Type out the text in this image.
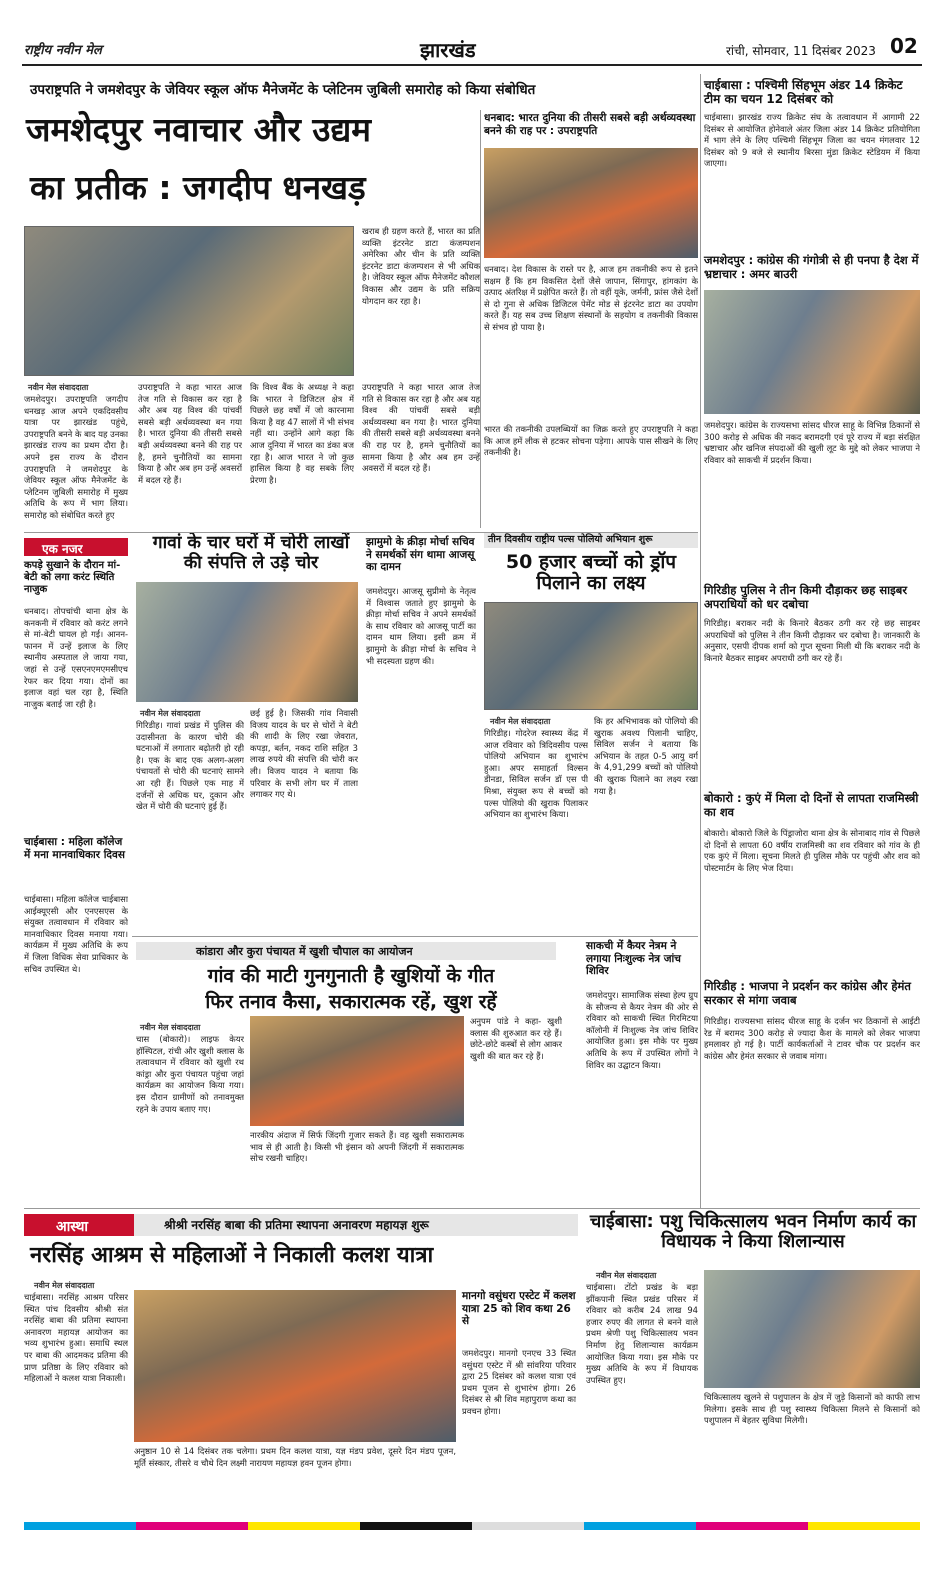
राष्ट्रीय नवीन मेल	झारखंड	रांची, सोमवार, 11 दिसंबर 2023 02
उपराष्ट्रपति ने जमशेदपुर के जेवियर स्कूल ऑफ मैनेजमेंट के प्लेटिनम जुबिली समारोह को किया संबोधित
जमशेदपुर नवाचार और उद्यम
का प्रतीक : जगदीप धनखड़
खराब ही ग्रहण करते हैं, भारत का प्रति व्यक्ति इंटरनेट डाटा कंजम्पशन अमेरिका और चीन के प्रति व्यक्ति इंटरनेट डाटा कंजम्पशन से भी अधिक है। जेवियर स्कूल ऑफ मैनेजमेंट कौशल विकास और उद्यम के प्रति सक्रिय योगदान कर रहा है।
नवीन मेल संवाददाता
जमशेदपुर। उपराष्ट्रपति जगदीप धनखड़ आज अपने एकदिवसीय यात्रा पर झारखंड पहुंचे, उपराष्ट्रपति बनने के बाद यह उनका झारखंड राज्य का प्रथम दौरा है। अपने इस राज्य के दौरान उपराष्ट्रपति ने जमशेदपुर के जेवियर स्कूल ऑफ मैनेजमेंट के प्लेटिनम जुबिली समारोह में मुख्य अतिथि के रूप में भाग लिया। समारोह को संबोधित करते हुए
उपराष्ट्रपति ने कहा भारत आज तेज गति से विकास कर रहा है और अब यह विश्व की पांचवीं सबसे बड़ी अर्थव्यवस्था बन गया है। भारत दुनिया की तीसरी सबसे बड़ी अर्थव्यवस्था बनने की राह पर है, हमने चुनौतियों का सामना किया है और अब हम उन्हें अवसरों में बदल रहे हैं।
कि विश्व बैंक के अध्यक्ष ने कहा कि भारत ने डिजिटल क्षेत्र में पिछले छह वर्षों में जो कारनामा किया है वह 47 सालों में भी संभव नहीं था। उन्होंने आगे कहा कि आज दुनिया में भारत का डंका बज रहा है। आज भारत ने जो कुछ हासिल किया है वह सबके लिए प्रेरणा है।
उपराष्ट्रपति ने कहा भारत आज तेज गति से विकास कर रहा है और अब यह विश्व की पांचवीं सबसे बड़ी अर्थव्यवस्था बन गया है। भारत दुनिया की तीसरी सबसे बड़ी अर्थव्यवस्था बनने की राह पर है, हमने चुनौतियों का सामना किया है और अब हम उन्हें अवसरों में बदल रहे हैं।
धनबाद: भारत दुनिया की तीसरी सबसे बड़ी अर्थव्यवस्था बनने की राह पर : उपराष्ट्रपति
धनबाद। देश विकास के रास्ते पर है, आज हम तकनीकी रूप से इतने सक्षम हैं कि हम विकसित देशों जैसे जापान, सिंगापुर, हांगकांग के उत्पाद अंतरिक्ष में प्रक्षेपित करते हैं। तो वहीं यूके, जर्मनी, फ्रांस जैसे देशों से दो गुना से अधिक डिजिटल पेमेंट मोड से इंटरनेट डाटा का उपयोग करते हैं। यह सब उच्च शिक्षण संस्थानों के सहयोग व तकनीकी विकास से संभव हो पाया है।
भारत की तकनीकी उपलब्धियों का जिक्र करते हुए उपराष्ट्रपति ने कहा कि आज हमें लीक से हटकर सोचना पड़ेगा। आपके पास सीखने के लिए तकनीकी है।
चाईबासा : पश्चिमी सिंहभूम अंडर 14 क्रिकेट टीम का चयन 12 दिसंबर को
चाईबासा। झारखंड राज्य क्रिकेट संघ के तत्वावधान में आगामी 22 दिसंबर से आयोजित होनेवाले अंतर जिला अंडर 14 क्रिकेट प्रतियोगिता में भाग लेने के लिए पश्चिमी सिंहभूम जिला का चयन मंगलवार 12 दिसंबर को 9 बजे से स्थानीय बिरसा मुंडा क्रिकेट स्टेडियम में किया जाएगा।
जमशेदपुर : कांग्रेस की गंगोत्री से ही पनपा है देश में भ्रष्टाचार : अमर बाउरी
जमशेदपुर। कांग्रेस के राज्यसभा सांसद धीरज साहू के विभिन्न ठिकानों से 300 करोड़ से अधिक की नकद बरामदगी एवं पूरे राज्य में बड़ा संरक्षित भ्रष्टाचार और खनिज संपदाओं की खुली लूट के मुद्दे को लेकर भाजपा ने रविवार को साकची में प्रदर्शन किया।
गिरिडीह पुलिस ने तीन किमी दौड़ाकर छह साइबर अपराधियों को धर दबोचा
गिरिडीह। बराकर नदी के किनारे बैठकर ठगी कर रहे छह साइबर अपराधियों को पुलिस ने तीन किमी दौड़ाकर धर दबोचा है। जानकारी के अनुसार, एसपी दीपक शर्मा को गुप्त सूचना मिली थी कि बराकर नदी के किनारे बैठकर साइबर अपराधी ठगी कर रहे हैं।
बोकारो : कुएं में मिला दो दिनों से लापता राजमिस्त्री का शव
बोकारो। बोकारो जिले के पिंड्राजोरा थाना क्षेत्र के सोनाबाद गांव से पिछले दो दिनों से लापता 60 वर्षीय राजमिस्त्री का शव रविवार को गांव के ही एक कुएं में मिला। सूचना मिलते ही पुलिस मौके पर पहुंची और शव को पोस्टमार्टम के लिए भेज दिया।
गिरिडीह : भाजपा ने प्रदर्शन कर कांग्रेस और हेमंत सरकार से मांगा जवाब
गिरिडीह। राज्यसभा सांसद धीरज साहू के दर्जन भर ठिकानों से आईटी रेड में बरामद 300 करोड़ से ज्यादा कैश के मामले को लेकर भाजपा हमलावर हो गई है। पार्टी कार्यकर्ताओं ने टावर चौक पर प्रदर्शन कर कांग्रेस और हेमंत सरकार से जवाब मांगा।
एक नजर
कपड़े सुखाने के दौरान मां-बेटी को लगा करंट स्थिति नाजुक
धनबाद। तोपचांची थाना क्षेत्र के कनकनी में रविवार को करंट लगने से मां-बेटी घायल हो गई। आनन-फानन में उन्हें इलाज के लिए स्थानीय अस्पताल ले जाया गया, जहां से उन्हें एसएनएमएमसीएच रेफर कर दिया गया। दोनों का इलाज वहां चल रहा है, स्थिति नाजुक बताई जा रही है।
चाईबासा : महिला कॉलेज में मना मानवाधिकार दिवस
चाईबासा। महिला कॉलेज चाईबासा आईक्यूएसी और एनएसएस के संयुक्त तत्वावधान में रविवार को मानवाधिकार दिवस मनाया गया। कार्यक्रम में मुख्य अतिथि के रूप में जिला विधिक सेवा प्राधिकार के सचिव उपस्थित थे।
गावां के चार घरों में चोरी लाखों की संपत्ति ले उड़े चोर
नवीन मेल संवाददाता
गिरिडीह। गावां प्रखंड में पुलिस की उदासीनता के कारण चोरी की घटनाओं में लगातार बढ़ोतरी हो रही है। एक के बाद एक अलग-अलग पंचायतों से चोरी की घटनाएं सामने आ रही हैं। पिछले एक माह में दर्जनों से अधिक घर, दुकान और खेत में चोरी की घटनाएं हुई हैं।
छई हुई है। जिसकी गांव निवासी विजय यादव के घर से चोरों ने बेटी की शादी के लिए रखा जेवरात, कपड़ा, बर्तन, नकद राशि सहित 3 लाख रुपये की संपत्ति की चोरी कर ली। विजय यादव ने बताया कि परिवार के सभी लोग घर में ताला लगाकर गए थे।
झामुमो के क्रीड़ा मोर्चा सचिव ने समर्थकों संग थामा आजसू का दामन
जमशेदपुर। आजसू सुप्रीमो के नेतृत्व में विश्वास जताते हुए झामुमो के क्रीड़ा मोर्चा सचिव ने अपने समर्थकों के साथ रविवार को आजसू पार्टी का दामन थाम लिया। इसी क्रम में झामुमो के क्रीड़ा मोर्चा के सचिव ने भी सदस्यता ग्रहण की।
तीन दिवसीय राष्ट्रीय पल्स पोलियो अभियान शुरू
50 हजार बच्चों को ड्रॉप पिलाने का लक्ष्य
नवीन मेल संवाददाता
गिरिडीह। गोदरेज स्वास्थ्य केंद्र में आज रविवार को त्रिदिवसीय पल्स पोलियो अभियान का शुभारंभ हुआ। अपर समाहर्ता विल्सन डीनडा, सिविल सर्जन डॉ एस पी मिश्रा, संयुक्त रूप से बच्चों को पल्स पोलियो की खुराक पिलाकर अभियान का शुभारंभ किया।
कि हर अभिभावक को पोलियो की खुराक अवश्य पिलानी चाहिए, सिविल सर्जन ने बताया कि अभियान के तहत 0-5 आयु वर्ग के 4,91,299 बच्चों को पोलियो की खुराक पिलाने का लक्ष्य रखा गया है।
कांडारा और कुरा पंचायत में खुशी चौपाल का आयोजन
गांव की माटी गुनगुनाती है खुशियों के गीत
फिर तनाव कैसा, सकारात्मक रहें, खुश रहें
नवीन मेल संवाददाता
चास (बोकारो)। लाइफ केयर हॉस्पिटल, रांची और खुशी क्लास के तत्वावधान में रविवार को खुशी रथ कांड्रा और कुरा पंचायत पहुंचा जहां कार्यक्रम का आयोजन किया गया। इस दौरान ग्रामीणों को तनावमुक्त रहने के उपाय बताए गए।
नारकीय अंदाज में सिर्फ जिंदगी गुजार सकते हैं। वह खुशी सकारात्मक भाव से ही आती है। किसी भी इंसान को अपनी जिंदगी में सकारात्मक सोच रखनी चाहिए।
अनुपम पांडे ने कहा- खुशी क्लास की शुरुआत कर रहे हैं। छोटे-छोटे कस्बों से लोग आकर खुशी की बात कर रहे हैं।
साकची में कैयर नेत्रम ने लगाया निःशुल्क नेत्र जांच शिविर
जमशेदपुर। सामाजिक संस्था हेल्प ग्रुप के सौजन्य से कैयर नेत्रम की ओर से रविवार को साकची स्थित गिरमिटया कॉलोनी में निःशुल्क नेत्र जांच शिविर आयोजित हुआ। इस मौके पर मुख्य अतिथि के रूप में उपस्थित लोगों ने शिविर का उद्घाटन किया।
आस्था	श्रीश्री नरसिंह बाबा की प्रतिमा स्थापना अनावरण महायज्ञ शुरू
नरसिंह आश्रम से महिलाओं ने निकाली कलश यात्रा
नवीन मेल संवाददाता
चाईबासा। नरसिंह आश्रम परिसर स्थित पांच दिवसीय श्रीश्री संत नरसिंह बाबा की प्रतिमा स्थापना अनावरण महायज्ञ आयोजन का भव्य शुभारंभ हुआ। समाधि स्थल पर बाबा की आदमकद प्रतिमा की प्राण प्रतिष्ठा के लिए रविवार को महिलाओं ने कलश यात्रा निकाली।
अनुष्ठान 10 से 14 दिसंबर तक चलेगा। प्रथम दिन कलश यात्रा, यज्ञ मंडप प्रवेश, दूसरे दिन मंडप पूजन, मूर्ति संस्कार, तीसरे व चौथे दिन लक्ष्मी नारायण महायज्ञ हवन पूजन होगा।
मानगो वसुंधरा एस्टेट में कलश यात्रा 25 को शिव कथा 26 से
जमशेदपुर। मानगो एनएच 33 स्थित वसुंधरा एस्टेट में श्री सांवरिया परिवार द्वारा 25 दिसंबर को कलश यात्रा एवं प्रथम पूजन से शुभारंभ होगा। 26 दिसंबर से श्री शिव महापुराण कथा का प्रवचन होगा।
चाईबासा: पशु चिकित्सालय भवन निर्माण कार्य का विधायक ने किया शिलान्यास
नवीन मेल संवाददाता
चाईबासा। टोंटो प्रखंड के बड़ा झींकपानी स्थित प्रखंड परिसर में रविवार को करीब 24 लाख 94 हजार रुपए की लागत से बनने वाले प्रथम श्रेणी पशु चिकित्सालय भवन निर्माण हेतु शिलान्यास कार्यक्रम आयोजित किया गया। इस मौके पर मुख्य अतिथि के रूप में विधायक उपस्थित हुए।
चिकित्सालय खुलने से पशुपालन के क्षेत्र में जुड़े किसानों को काफी लाभ मिलेगा। इसके साथ ही पशु स्वास्थ्य चिकित्सा मिलने से किसानों को पशुपालन में बेहतर सुविधा मिलेगी।
